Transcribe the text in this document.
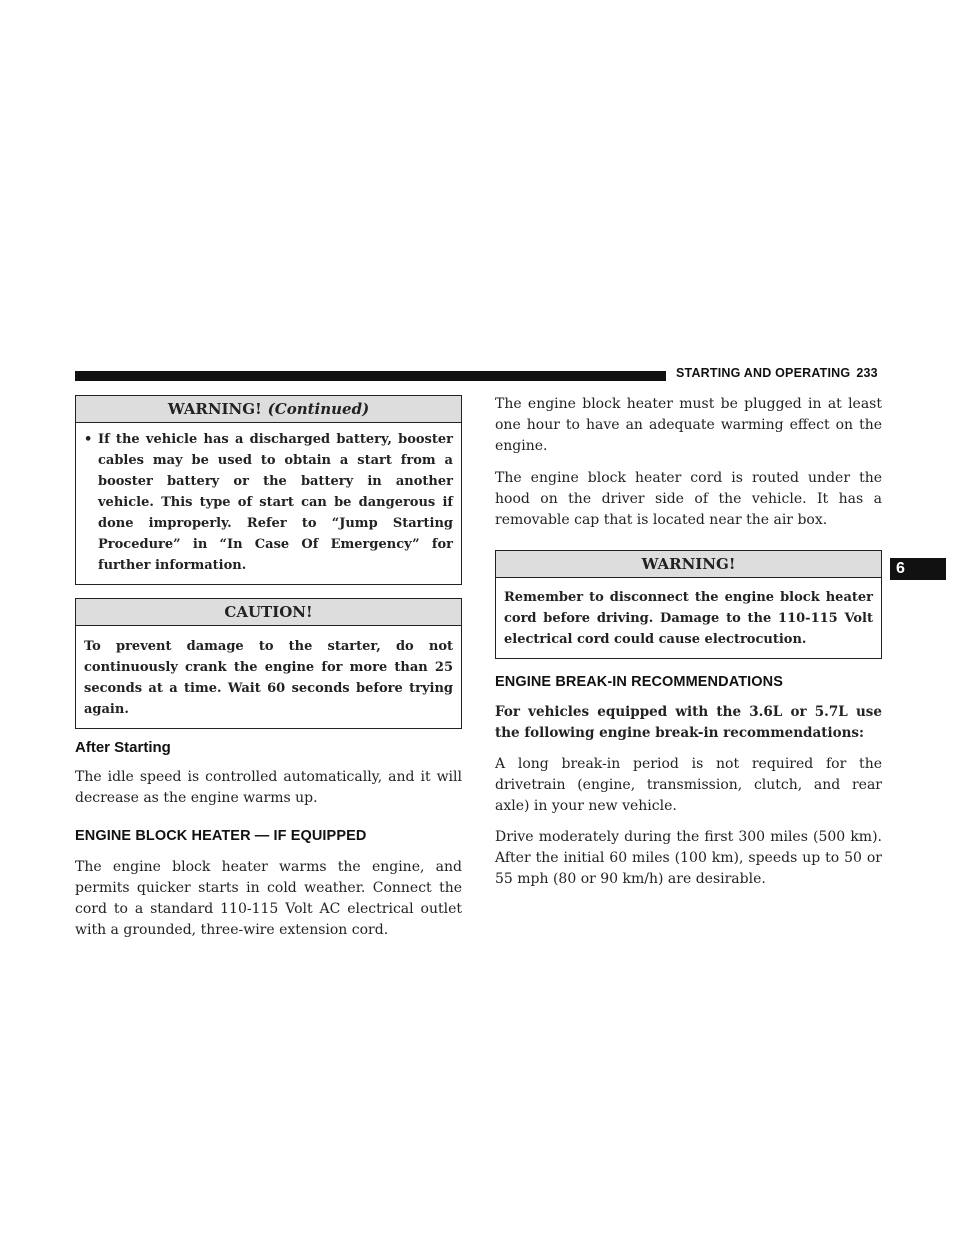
STARTING AND OPERATING 233
6
WARNING! (Continued)
• If the vehicle has a discharged battery, booster cables may be used to obtain a start from a booster battery or the battery in another vehicle. This type of start can be dangerous if done improperly. Refer to “Jump Starting Procedure” in “In Case Of Emergency” for further information.
CAUTION!
To prevent damage to the starter, do not continuously crank the engine for more than 25 seconds at a time. Wait 60 seconds before trying again.
After Starting

The idle speed is controlled automatically, and it will decrease as the engine warms up.

ENGINE BLOCK HEATER — IF EQUIPPED

The engine block heater warms the engine, and permits quicker starts in cold weather. Connect the cord to a standard 110-115 Volt AC electrical outlet with a grounded, three-wire extension cord.

The engine block heater must be plugged in at least one hour to have an adequate warming effect on the engine.

The engine block heater cord is routed under the hood on the driver side of the vehicle. It has a removable cap that is located near the air box.

WARNING!
Remember to disconnect the engine block heater cord before driving. Damage to the 110-115 Volt electrical cord could cause electrocution.
ENGINE BREAK-IN RECOMMENDATIONS

For vehicles equipped with the 3.6L or 5.7L use the following engine break-in recommendations:

A long break-in period is not required for the drivetrain (engine, transmission, clutch, and rear axle) in your new vehicle.

Drive moderately during the first 300 miles (500 km). After the initial 60 miles (100 km), speeds up to 50 or 55 mph (80 or 90 km/h) are desirable.
